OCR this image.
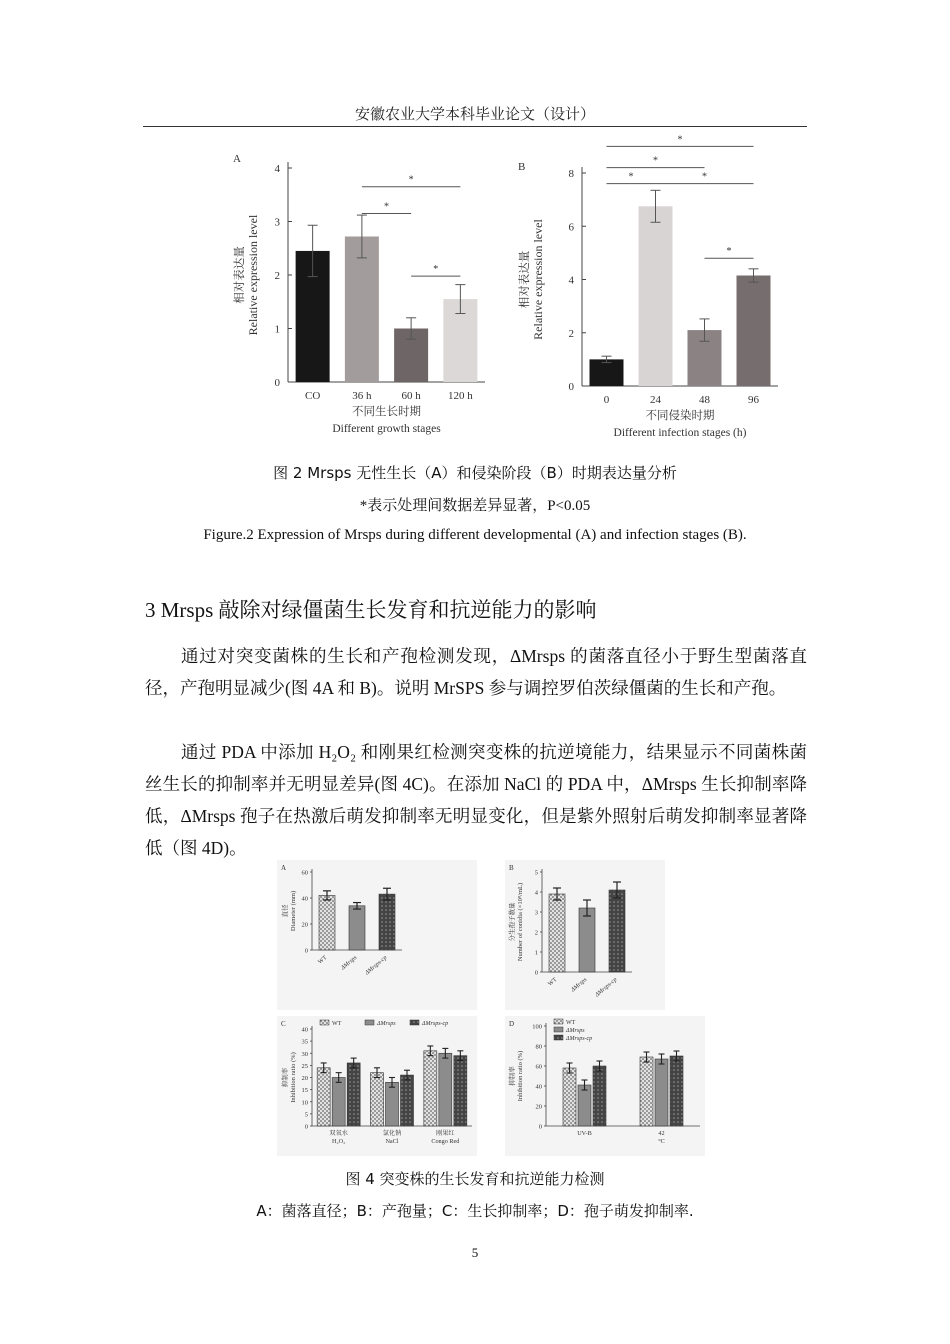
安徽农业大学本科毕业论文（设计）
A
0
1
2
3
4
CO	36 h	60 h 120 h
*
*
*
相对表达量 Relative expression level
不同生长时期
Different growth stages
B
0
2
4
6
8
0	24	48	96
*
*
*	*
*
相对表达量 Relative expression level
不同侵染时期
Different infection stages (h)
图 2 Mrsps 无性生长（A）和侵染阶段（B）时期表达量分析
*表示处理间数据差异显著，P<0.05
Figure.2 Expression of Mrsps during different developmental (A) and infection stages (B).
3 Mrsps 敲除对绿僵菌生长发育和抗逆能力的影响
通过对突变菌株的生长和产孢检测发现，ΔMrsps 的菌落直径小于野生型菌落直径，产孢明显减少(图 4A 和 B)。说明 MrSPS 参与调控罗伯茨绿僵菌的生长和产孢。
通过 PDA 中添加 H₂O₂ 和刚果红检测突变株的抗逆境能力，结果显示不同菌株菌丝生长的抑制率并无明显差异(图 4C)。在添加 NaCl 的 PDA 中，ΔMrsps 生长抑制率降低，ΔMrsps 孢子在热激后萌发抑制率无明显变化，但是紫外照射后萌发抑制率显著降低（图 4D)。
A
0
20
40
60
直径 Diameter (mm)
WT ΔMrsps ΔMrsps-cp
B
0
1
2
3
4
5
分生孢子数量 Number of conidia (×10⁸/mL)
WT ΔMrsps ΔMrsps-cp
C
0
5
10
15
20
25
30
35
40
抑制率 Inhibition ratio (%)
双氧水
H₂O₂
氯化钠
NaCl
刚果红
Congo Red
WT	ΔMrsps	ΔMrsps-cp	D
0
20
40
60
80
100
抑制率 Inhibition ratio (%)
UV-B	42
°C
WT
ΔMrsps
ΔMrsps-cp
图 4 突变株的生长发育和抗逆能力检测
A：菌落直径；B：产孢量；C：生长抑制率；D：孢子萌发抑制率.
5
